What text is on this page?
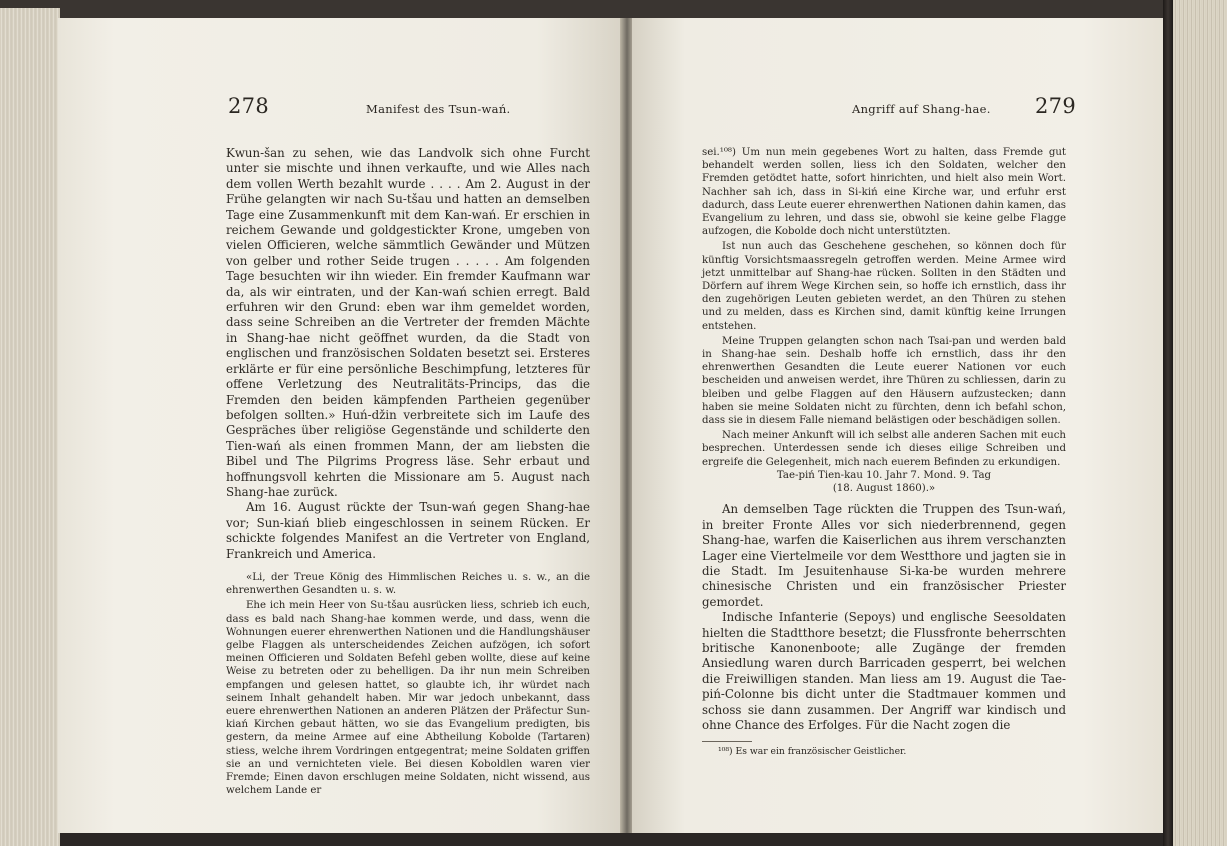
278	Manifest des Tsun-wań.

Kwun-šan zu sehen, wie das Landvolk sich ohne Furcht unter sie mischte und ihnen verkaufte, und wie Alles nach dem vollen Werth bezahlt wurde . . . . Am 2. August in der Frühe gelangten wir nach Su-tšau und hatten an demselben Tage eine Zusammenkunft mit dem Kan-wań. Er erschien in reichem Gewande und goldgestickter Krone, umgeben von vielen Officieren, welche sämmtlich Gewänder und Mützen von gelber und rother Seide trugen . . . . . Am folgenden Tage besuchten wir ihn wieder. Ein fremder Kaufmann war da, als wir eintraten, und der Kan-wań schien erregt. Bald erfuhren wir den Grund: eben war ihm gemeldet worden, dass seine Schreiben an die Vertreter der fremden Mächte in Shang-hae nicht geöffnet wurden, da die Stadt von englischen und französischen Soldaten besetzt sei. Ersteres erklärte er für eine persönliche Beschimpfung, letzteres für offene Verletzung des Neutralitäts-Princips, das die Fremden den beiden kämpfenden Partheien gegenüber befolgen sollten.» Huń-džin verbreitete sich im Laufe des Gespräches über religiöse Gegenstände und schilderte den Tien-wań als einen frommen Mann, der am liebsten die Bibel und The Pilgrims Progress läse. Sehr erbaut und hoffnungsvoll kehrten die Missionare am 5. August nach Shang-hae zurück.

Am 16. August rückte der Tsun-wań gegen Shang-hae vor; Sun-kiań blieb eingeschlossen in seinem Rücken. Er schickte folgendes Manifest an die Vertreter von England, Frankreich und America.

«Li, der Treue König des Himmlischen Reiches u. s. w., an die ehrenwerthen Gesandten u. s. w.

Ehe ich mein Heer von Su-tšau ausrücken liess, schrieb ich euch, dass es bald nach Shang-hae kommen werde, und dass, wenn die Wohnungen euerer ehrenwerthen Nationen und die Handlungshäuser gelbe Flaggen als unterscheidendes Zeichen aufzögen, ich sofort meinen Officieren und Soldaten Befehl geben wollte, diese auf keine Weise zu betreten oder zu behelligen. Da ihr nun mein Schreiben empfangen und gelesen hattet, so glaubte ich, ihr würdet nach seinem Inhalt gehandelt haben. Mir war jedoch unbekannt, dass euere ehrenwerthen Nationen an anderen Plätzen der Präfectur Sun-kiań Kirchen gebaut hätten, wo sie das Evangelium predigten, bis gestern, da meine Armee auf eine Abtheilung Kobolde (Tartaren) stiess, welche ihrem Vordringen entgegentrat; meine Soldaten griffen sie an und vernichteten viele. Bei diesen Koboldlen waren vier Fremde; Einen davon erschlugen meine Soldaten, nicht wissend, aus welchem Lande er

Angriff auf Shang-hae. 279

sei.¹⁰⁸) Um nun mein gegebenes Wort zu halten, dass Fremde gut behandelt werden sollen, liess ich den Soldaten, welcher den Fremden getödtet hatte, sofort hinrichten, und hielt also mein Wort. Nachher sah ich, dass in Si-kiń eine Kirche war, und erfuhr erst dadurch, dass Leute euerer ehrenwerthen Nationen dahin kamen, das Evangelium zu lehren, und dass sie, obwohl sie keine gelbe Flagge aufzogen, die Kobolde doch nicht unterstützten.

Ist nun auch das Geschehene geschehen, so können doch für künftig Vorsichtsmaassregeln getroffen werden. Meine Armee wird jetzt unmittelbar auf Shang-hae rücken. Sollten in den Städten und Dörfern auf ihrem Wege Kirchen sein, so hoffe ich ernstlich, dass ihr den zugehörigen Leuten gebieten werdet, an den Thüren zu stehen und zu melden, dass es Kirchen sind, damit künftig keine Irrungen entstehen.

Meine Truppen gelangten schon nach Tsai-pan und werden bald in Shang-hae sein. Deshalb hoffe ich ernstlich, dass ihr den ehrenwerthen Gesandten die Leute euerer Nationen vor euch bescheiden und anweisen werdet, ihre Thüren zu schliessen, darin zu bleiben und gelbe Flaggen auf den Häusern aufzustecken; dann haben sie meine Soldaten nicht zu fürchten, denn ich befahl schon, dass sie in diesem Falle niemand belästigen oder beschädigen sollen.

Nach meiner Ankunft will ich selbst alle anderen Sachen mit euch besprechen. Unterdessen sende ich dieses eilige Schreiben und ergreife die Gelegenheit, mich nach euerem Befinden zu erkundigen.

Tae-piń Tien-kau 10. Jahr 7. Mond. 9. Tag

(18. August 1860).»

An demselben Tage rückten die Truppen des Tsun-wań, in breiter Fronte Alles vor sich niederbrennend, gegen Shang-hae, warfen die Kaiserlichen aus ihrem verschanzten Lager eine Viertelmeile vor dem Westthore und jagten sie in die Stadt. Im Jesuitenhause Si-ka-be wurden mehrere chinesische Christen und ein französischer Priester gemordet.

Indische Infanterie (Sepoys) und englische Seesoldaten hielten die Stadtthore besetzt; die Flussfronte beherrschten britische Kanonenboote; alle Zugänge der fremden Ansiedlung waren durch Barricaden gesperrt, bei welchen die Freiwilligen standen. Man liess am 19. August die Tae-piń-Colonne bis dicht unter die Stadtmauer kommen und schoss sie dann zusammen. Der Angriff war kindisch und ohne Chance des Erfolges. Für die Nacht zogen die

¹⁰⁸) Es war ein französischer Geistlicher.
